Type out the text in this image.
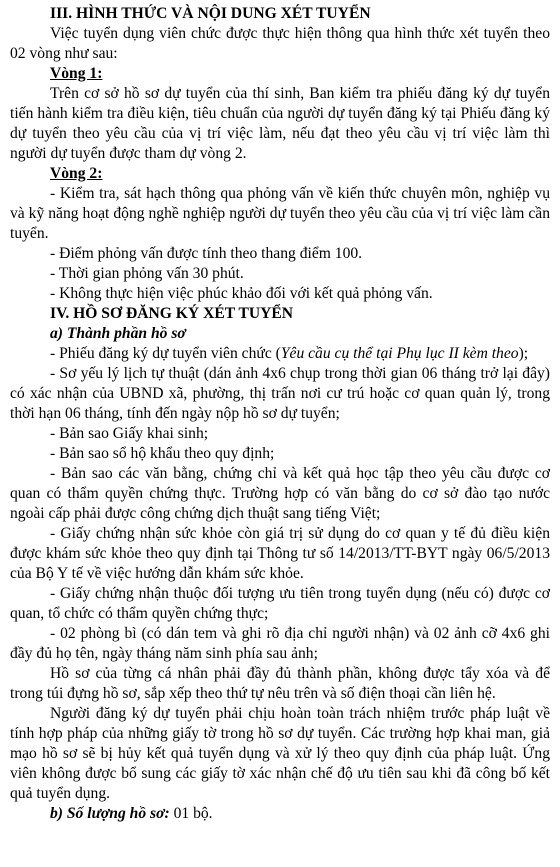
III. HÌNH THỨC VÀ NỘI DUNG XÉT TUYỂN

Việc tuyển dụng viên chức được thực hiện thông qua hình thức xét tuyển theo 02 vòng như sau:

Vòng 1:

Trên cơ sở hồ sơ dự tuyển của thí sinh, Ban kiểm tra phiếu đăng ký dự tuyển tiến hành kiểm tra điều kiện, tiêu chuẩn của người dự tuyển đăng ký tại Phiếu đăng ký dự tuyển theo yêu cầu của vị trí việc làm, nếu đạt theo yêu cầu vị trí việc làm thì người dự tuyển được tham dự vòng 2.

Vòng 2:

- Kiểm tra, sát hạch thông qua phỏng vấn về kiến thức chuyên môn, nghiệp vụ và kỹ năng hoạt động nghề nghiệp người dự tuyển theo yêu cầu của vị trí việc làm cần tuyển.

- Điểm phỏng vấn được tính theo thang điểm 100.

- Thời gian phỏng vấn 30 phút.

- Không thực hiện việc phúc khảo đối với kết quả phỏng vấn.

IV. HỒ SƠ ĐĂNG KÝ XÉT TUYỂN

a) Thành phần hồ sơ

- Phiếu đăng ký dự tuyển viên chức (Yêu cầu cụ thể tại Phụ lục II kèm theo);

- Sơ yếu lý lịch tự thuật (dán ảnh 4x6 chụp trong thời gian 06 tháng trở lại đây) có xác nhận của UBND xã, phường, thị trấn nơi cư trú hoặc cơ quan quản lý, trong thời hạn 06 tháng, tính đến ngày nộp hồ sơ dự tuyển;

- Bản sao Giấy khai sinh;

- Bản sao sổ hộ khẩu theo quy định;

- Bản sao các văn bằng, chứng chỉ và kết quả học tập theo yêu cầu được cơ quan có thẩm quyền chứng thực. Trường hợp có văn bằng do cơ sở đào tạo nước ngoài cấp phải được công chứng dịch thuật sang tiếng Việt;

- Giấy chứng nhận sức khỏe còn giá trị sử dụng do cơ quan y tế đủ điều kiện được khám sức khỏe theo quy định tại Thông tư số 14/2013/TT-BYT ngày 06/5/2013 của Bộ Y tế về việc hướng dẫn khám sức khỏe.

- Giấy chứng nhận thuộc đối tượng ưu tiên trong tuyển dụng (nếu có) được cơ quan, tổ chức có thẩm quyền chứng thực;

- 02 phòng bì (có dán tem và ghi rõ địa chỉ người nhận) và 02 ảnh cỡ 4x6 ghi đầy đủ họ tên, ngày tháng năm sinh phía sau ảnh;

Hồ sơ của từng cá nhân phải đầy đủ thành phần, không được tẩy xóa và để trong túi đựng hồ sơ, sắp xếp theo thứ tự nêu trên và số điện thoại cần liên hệ.

Người đăng ký dự tuyển phải chịu hoàn toàn trách nhiệm trước pháp luật về tính hợp pháp của những giấy tờ trong hồ sơ dự tuyển. Các trường hợp khai man, giả mạo hồ sơ sẽ bị hủy kết quả tuyển dụng và xử lý theo quy định của pháp luật. Ứng viên không được bổ sung các giấy tờ xác nhận chế độ ưu tiên sau khi đã công bố kết quả tuyển dụng.

b) Số lượng hồ sơ: 01 bộ.
